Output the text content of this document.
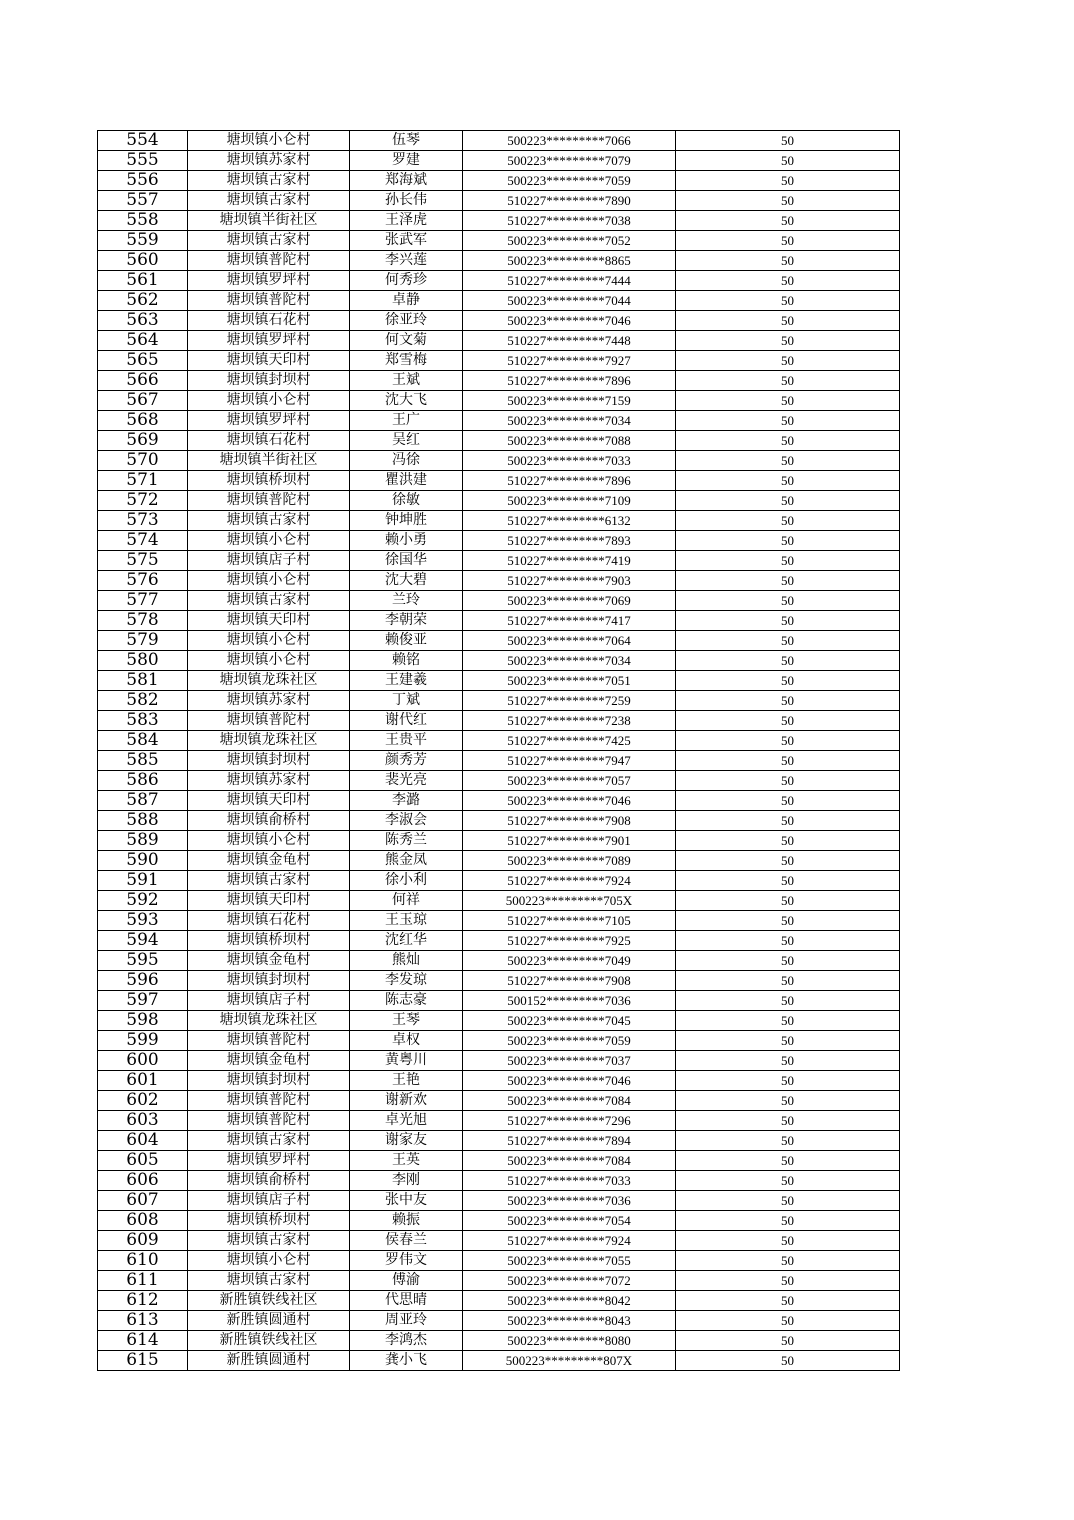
554	塘坝镇小仑村	伍琴	500223*********7066	50
555	塘坝镇苏家村	罗建	500223*********7079	50
556	塘坝镇古家村	郑海斌	500223*********7059	50
557	塘坝镇古家村	孙长伟	510227*********7890	50
558	塘坝镇半街社区	王泽虎	510227*********7038	50
559	塘坝镇古家村	张武军	500223*********7052	50
560	塘坝镇普陀村	李兴莲	500223*********8865	50
561	塘坝镇罗坪村	何秀珍	510227*********7444	50
562	塘坝镇普陀村	卓静	500223*********7044	50
563	塘坝镇石花村	徐亚玲	500223*********7046	50
564	塘坝镇罗坪村	何文菊	510227*********7448	50
565	塘坝镇天印村	郑雪梅	510227*********7927	50
566	塘坝镇封坝村	王斌	510227*********7896	50
567	塘坝镇小仑村	沈大飞	500223*********7159	50
568	塘坝镇罗坪村	王广	500223*********7034	50
569	塘坝镇石花村	吴红	500223*********7088	50
570	塘坝镇半街社区	冯徐	500223*********7033	50
571	塘坝镇桥坝村	瞿洪建	510227*********7896	50
572	塘坝镇普陀村	徐敏	500223*********7109	50
573	塘坝镇古家村	钟坤胜	510227*********6132	50
574	塘坝镇小仑村	赖小勇	510227*********7893	50
575	塘坝镇店子村	徐国华	510227*********7419	50
576	塘坝镇小仑村	沈大碧	510227*********7903	50
577	塘坝镇古家村	兰玲	500223*********7069	50
578	塘坝镇天印村	李朝荣	510227*********7417	50
579	塘坝镇小仑村	赖俊亚	500223*********7064	50
580	塘坝镇小仑村	赖铭	500223*********7034	50
581	塘坝镇龙珠社区	王建羲	500223*********7051	50
582	塘坝镇苏家村	丁斌	510227*********7259	50
583	塘坝镇普陀村	谢代红	510227*********7238	50
584	塘坝镇龙珠社区	王贵平	510227*********7425	50
585	塘坝镇封坝村	颜秀芳	510227*********7947	50
586	塘坝镇苏家村	裴光亮	500223*********7057	50
587	塘坝镇天印村	李潞	500223*********7046	50
588	塘坝镇俞桥村	李淑会	510227*********7908	50
589	塘坝镇小仑村	陈秀兰	510227*********7901	50
590	塘坝镇金龟村	熊金凤	500223*********7089	50
591	塘坝镇古家村	徐小利	510227*********7924	50
592	塘坝镇天印村	何祥	500223*********705X	50
593	塘坝镇石花村	王玉琼	510227*********7105	50
594	塘坝镇桥坝村	沈红华	510227*********7925	50
595	塘坝镇金龟村	熊灿	500223*********7049	50
596	塘坝镇封坝村	李发琼	510227*********7908	50
597	塘坝镇店子村	陈志豪	500152*********7036	50
598	塘坝镇龙珠社区	王琴	500223*********7045	50
599	塘坝镇普陀村	卓权	500223*********7059	50
600	塘坝镇金龟村	黄粤川	500223*********7037	50
601	塘坝镇封坝村	王艳	500223*********7046	50
602	塘坝镇普陀村	谢新欢	500223*********7084	50
603	塘坝镇普陀村	卓光旭	510227*********7296	50
604	塘坝镇古家村	谢家友	510227*********7894	50
605	塘坝镇罗坪村	王英	500223*********7084	50
606	塘坝镇俞桥村	李刚	510227*********7033	50
607	塘坝镇店子村	张中友	500223*********7036	50
608	塘坝镇桥坝村	赖振	500223*********7054	50
609	塘坝镇古家村	侯春兰	510227*********7924	50
610	塘坝镇小仑村	罗伟文	500223*********7055	50
611	塘坝镇古家村	傅渝	500223*********7072	50
612	新胜镇铁线社区	代思晴	500223*********8042	50
613	新胜镇圆通村	周亚玲	500223*********8043	50
614	新胜镇铁线社区	李鸿杰	500223*********8080	50
615	新胜镇圆通村	龚小飞	500223*********807X	50
